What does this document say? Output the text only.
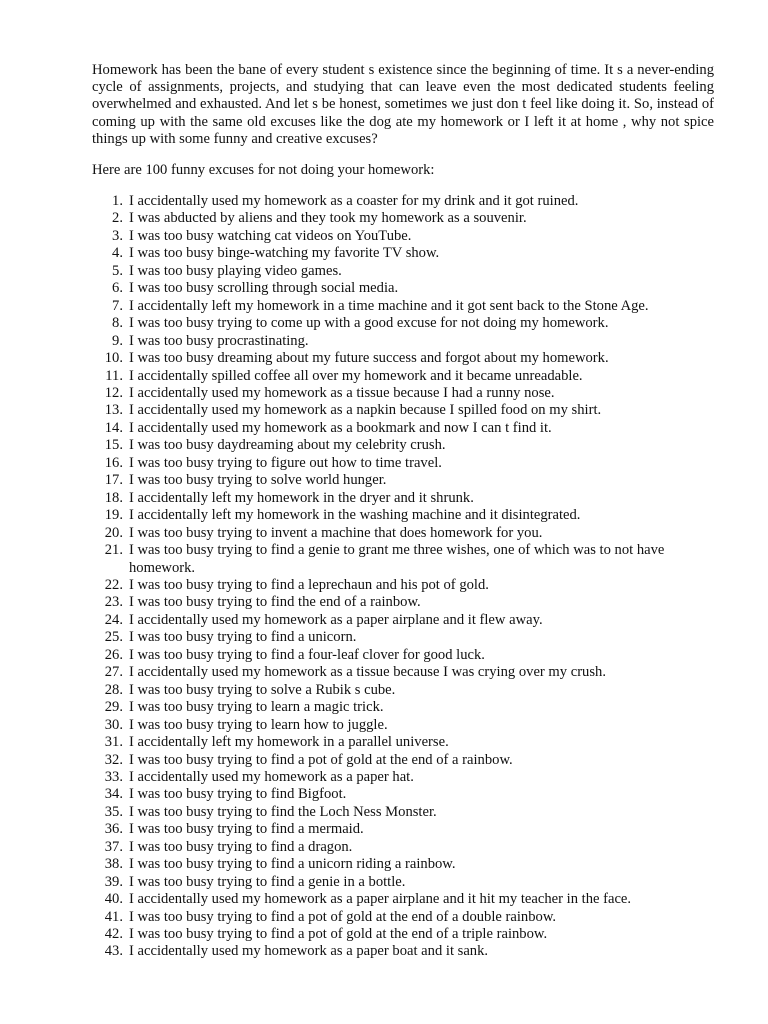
Homework has been the bane of every student s existence since the beginning of time. It s a never-ending cycle of assignments, projects, and studying that can leave even the most dedicated students feeling overwhelmed and exhausted. And let s be honest, sometimes we just don t feel like doing it. So, instead of coming up with the same old excuses like the dog ate my homework or I left it at home , why not spice things up with some funny and creative excuses?

Here are 100 funny excuses for not doing your homework:

1. I accidentally used my homework as a coaster for my drink and it got ruined.
2. I was abducted by aliens and they took my homework as a souvenir.
3. I was too busy watching cat videos on YouTube.
4. I was too busy binge-watching my favorite TV show.
5. I was too busy playing video games.
6. I was too busy scrolling through social media.
7. I accidentally left my homework in a time machine and it got sent back to the Stone Age.
8. I was too busy trying to come up with a good excuse for not doing my homework.
9. I was too busy procrastinating.
10. I was too busy dreaming about my future success and forgot about my homework.
11. I accidentally spilled coffee all over my homework and it became unreadable.
12. I accidentally used my homework as a tissue because I had a runny nose.
13. I accidentally used my homework as a napkin because I spilled food on my shirt.
14. I accidentally used my homework as a bookmark and now I can t find it.
15. I was too busy daydreaming about my celebrity crush.
16. I was too busy trying to figure out how to time travel.
17. I was too busy trying to solve world hunger.
18. I accidentally left my homework in the dryer and it shrunk.
19. I accidentally left my homework in the washing machine and it disintegrated.
20. I was too busy trying to invent a machine that does homework for you.
21. I was too busy trying to find a genie to grant me three wishes, one of which was to not have homework.
22. I was too busy trying to find a leprechaun and his pot of gold.
23. I was too busy trying to find the end of a rainbow.
24. I accidentally used my homework as a paper airplane and it flew away.
25. I was too busy trying to find a unicorn.
26. I was too busy trying to find a four-leaf clover for good luck.
27. I accidentally used my homework as a tissue because I was crying over my crush.
28. I was too busy trying to solve a Rubik s cube.
29. I was too busy trying to learn a magic trick.
30. I was too busy trying to learn how to juggle.
31. I accidentally left my homework in a parallel universe.
32. I was too busy trying to find a pot of gold at the end of a rainbow.
33. I accidentally used my homework as a paper hat.
34. I was too busy trying to find Bigfoot.
35. I was too busy trying to find the Loch Ness Monster.
36. I was too busy trying to find a mermaid.
37. I was too busy trying to find a dragon.
38. I was too busy trying to find a unicorn riding a rainbow.
39. I was too busy trying to find a genie in a bottle.
40. I accidentally used my homework as a paper airplane and it hit my teacher in the face.
41. I was too busy trying to find a pot of gold at the end of a double rainbow.
42. I was too busy trying to find a pot of gold at the end of a triple rainbow.
43. I accidentally used my homework as a paper boat and it sank.
